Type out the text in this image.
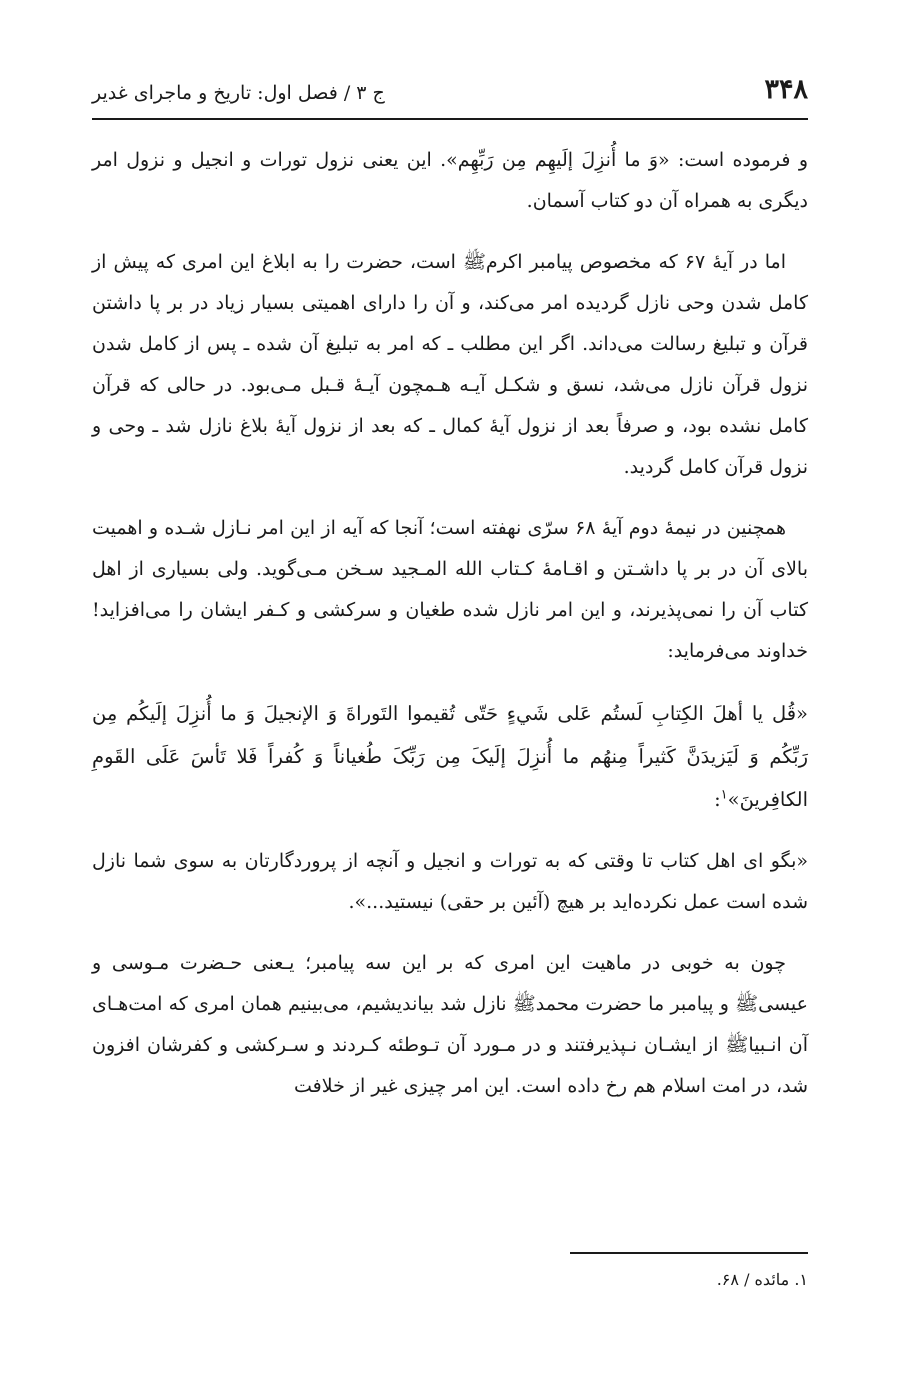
۳۴۸
ج ۳ / فصل اول: تاریخ و ماجرای غدیر

و فرموده است: «وَ ما أُنزِلَ إلَيهِم مِن رَبِّهِم». این یعنی نزول تورات و انجیل و نزول امر دیگری به همراه آن دو کتاب آسمان.

اما در آیهٔ ۶۷ که مخصوص پیامبر اکرمﷺ است، حضرت را به ابلاغ این امری که پیش از کامل شدن وحی نازل گردیده امر می‌کند، و آن را دارای اهمیتی بسیار زیاد در بر پا داشتن قرآن و تبلیغ رسالت می‌داند. اگر این مطلب ـ که امر به تبلیغ آن شده ـ پس از کامل شدن نزول قرآن نازل می‌شد، نسق و شکـل آیـه هـمچون آیـهٔ قـبل مـی‌بود. در حالی که قرآن کامل نشده بود، و صرفاً بعد از نزول آیهٔ کمال ـ که بعد از نزول آیهٔ بلاغ نازل شد ـ وحی و نزول قرآن کامل گردید.

همچنین در نیمهٔ دوم آیهٔ ۶۸ سرّی نهفته است؛ آنجا که آیه از این امر نـازل شـده و اهمیت بالای آن در بر پا داشـتن و اقـامهٔ کـتاب الله المـجید سـخن مـی‌گوید. ولی بسیاری از اهل کتاب آن را نمی‌پذیرند، و این امر نازل شده طغیان و سرکشی و کـفر ایشان را می‌افزاید! خداوند می‌فرماید:

«قُل يا أهلَ الكِتابِ لَستُم عَلى شَيءٍ حَتّى تُقيموا التَوراةَ وَ الإنجيلَ وَ ما أُنزِلَ إلَيكُم مِن رَبِّكُم وَ لَيَزيدَنَّ كَثيراً مِنهُم ما أُنزِلَ إلَيکَ مِن رَبِّکَ طُغياناً وَ كُفراً فَلا تَأسَ عَلَى القَومِ الكافِرينَ»$^١$:

«بگو ای اهل کتاب تا وقتی که به تورات و انجیل و آنچه از پروردگارتان به سوی شما نازل شده است عمل نکرده‌اید بر هیچ (آئین بر حقی) نیستید...».

چون به خوبی در ماهیت این امری که بر این سه پیامبر؛ یـعنی حـضرت مـوسی و عیسیﷺ و پیامبر ما حضرت محمدﷺ نازل شد بیاندیشیم، می‌بینیم همان امری که امت‌هـای آن انـبیاﷺ از ایشـان نـپذیرفتند و در مـورد آن تـوطئه کـردند و سـرکشی و کفرشان افزون شد، در امت اسلام هم رخ داده است. این امر چیزی غیر از خلافت

١. مائده / ۶۸.
